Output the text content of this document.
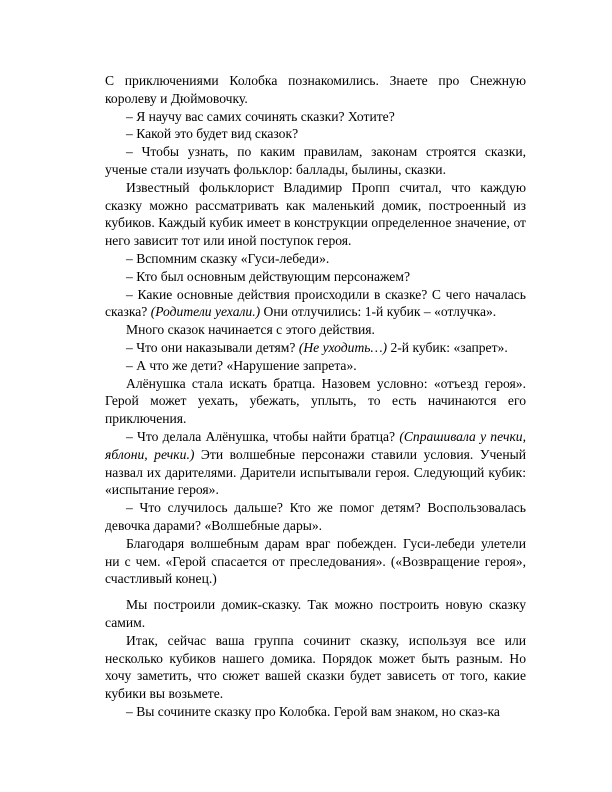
С приключениями Колобка познакомились. Знаете про Снежную королеву и Дюймовочку.

– Я научу вас самих сочинять сказки? Хотите?

– Какой это будет вид сказок?

– Чтобы узнать, по каким правилам, законам строятся сказки, ученые стали изучать фольклор: баллады, былины, сказки.

Известный фольклорист Владимир Пропп считал, что каждую сказку можно рассматривать как маленький домик, построенный из кубиков. Каждый кубик имеет в конструкции определенное значение, от него зависит тот или иной поступок героя.

– Вспомним сказку «Гуси-лебеди».

– Кто был основным действующим персонажем?

– Какие основные действия происходили в сказке? С чего началась сказка? (Родители уехали.) Они отлучились: 1-й кубик – «отлучка».

Много сказок начинается с этого действия.

– Что они наказывали детям? (Не уходить…) 2-й кубик: «запрет».

– А что же дети? «Нарушение запрета».

Алёнушка стала искать братца. Назовем условно: «отъезд героя». Герой может уехать, убежать, уплыть, то есть начинаются его приключения.

– Что делала Алёнушка, чтобы найти братца? (Спрашивала у печки, яблони, речки.) Эти волшебные персонажи ставили условия. Ученый назвал их дарителями. Дарители испытывали героя. Следующий кубик: «испытание героя».

– Что случилось дальше? Кто же помог детям? Воспользовалась девочка дарами? «Волшебные дары».

Благодаря волшебным дарам враг побежден. Гуси-лебеди улетели ни с чем. «Герой спасается от преследования». («Возвращение героя», счастливый конец.)

Мы построили домик-сказку. Так можно построить новую сказку самим.

Итак, сейчас ваша группа сочинит сказку, используя все или несколько кубиков нашего домика. Порядок может быть разным. Но хочу заметить, что сюжет вашей сказки будет зависеть от того, какие кубики вы возьмете.

– Вы сочините сказку про Колобка. Герой вам знаком, но сказ-ка
